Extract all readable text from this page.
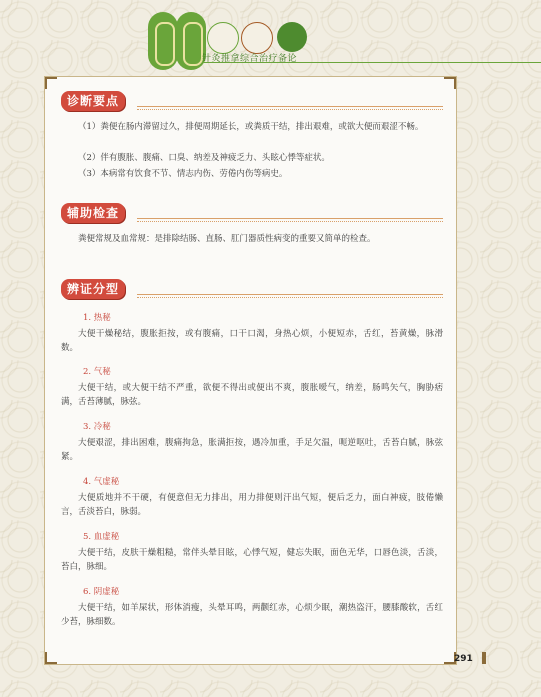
针灸推拿综合治疗备论
诊断要点

（1）粪便在肠内滞留过久，排便周期延长，或粪质干结，排出艰难，或欲大便而艰涩不畅。

（2）伴有腹胀、腹痛、口臭、纳差及神疲乏力、头眩心悸等症状。

（3）本病常有饮食不节、情志内伤、劳倦内伤等病史。

辅助检查

粪便常规及血常规：是排除结肠、直肠、肛门器质性病变的重要又简单的检查。

辨证分型

1. 热秘

大便干燥秘结，腹胀拒按，或有腹痛，口干口渴，身热心烦，小便短赤，舌红，苔黄燥，脉滑数。

2. 气秘

大便干结，或大便干结不严重，欲便不得出或便出不爽，腹胀嗳气，纳差，肠鸣矢气，胸胁痞满，舌苔薄腻，脉弦。

3. 冷秘

大便艰涩，排出困难，腹痛拘急，胀满拒按，遇冷加重，手足欠温，呃逆呕吐，舌苔白腻，脉弦紧。

4. 气虚秘

大便质地并不干硬，有便意但无力排出，用力排便则汗出气短，便后乏力，面白神疲，肢倦懒言，舌淡苔白，脉弱。

5. 血虚秘

大便干结，皮肤干燥粗糙，常伴头晕目眩，心悸气短，健忘失眠，面色无华，口唇色淡，舌淡，苔白，脉细。

6. 阴虚秘

大便干结，如羊屎状，形体消瘦，头晕耳鸣，两颧红赤，心烦少眠，潮热盗汗，腰膝酸软，舌红少苔，脉细数。

291
